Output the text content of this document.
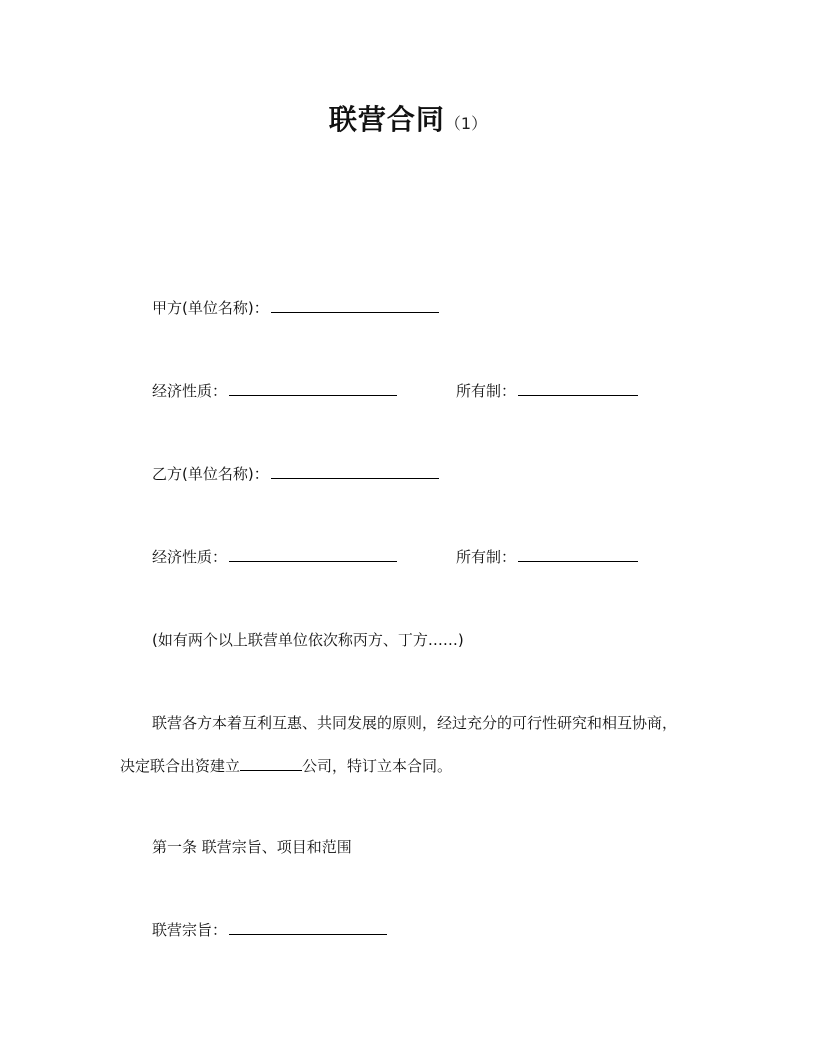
联营合同（1）
甲方(单位名称)：
经济性质：	所有制：
乙方(单位名称)：
经济性质：	所有制：
(如有两个以上联营单位依次称丙方、丁方……)
联营各方本着互利互惠、共同发展的原则，经过充分的可行性研究和相互协商，
决定联合出资建立	公司，特订立本合同。
第一条 联营宗旨、项目和范围
联营宗旨：
